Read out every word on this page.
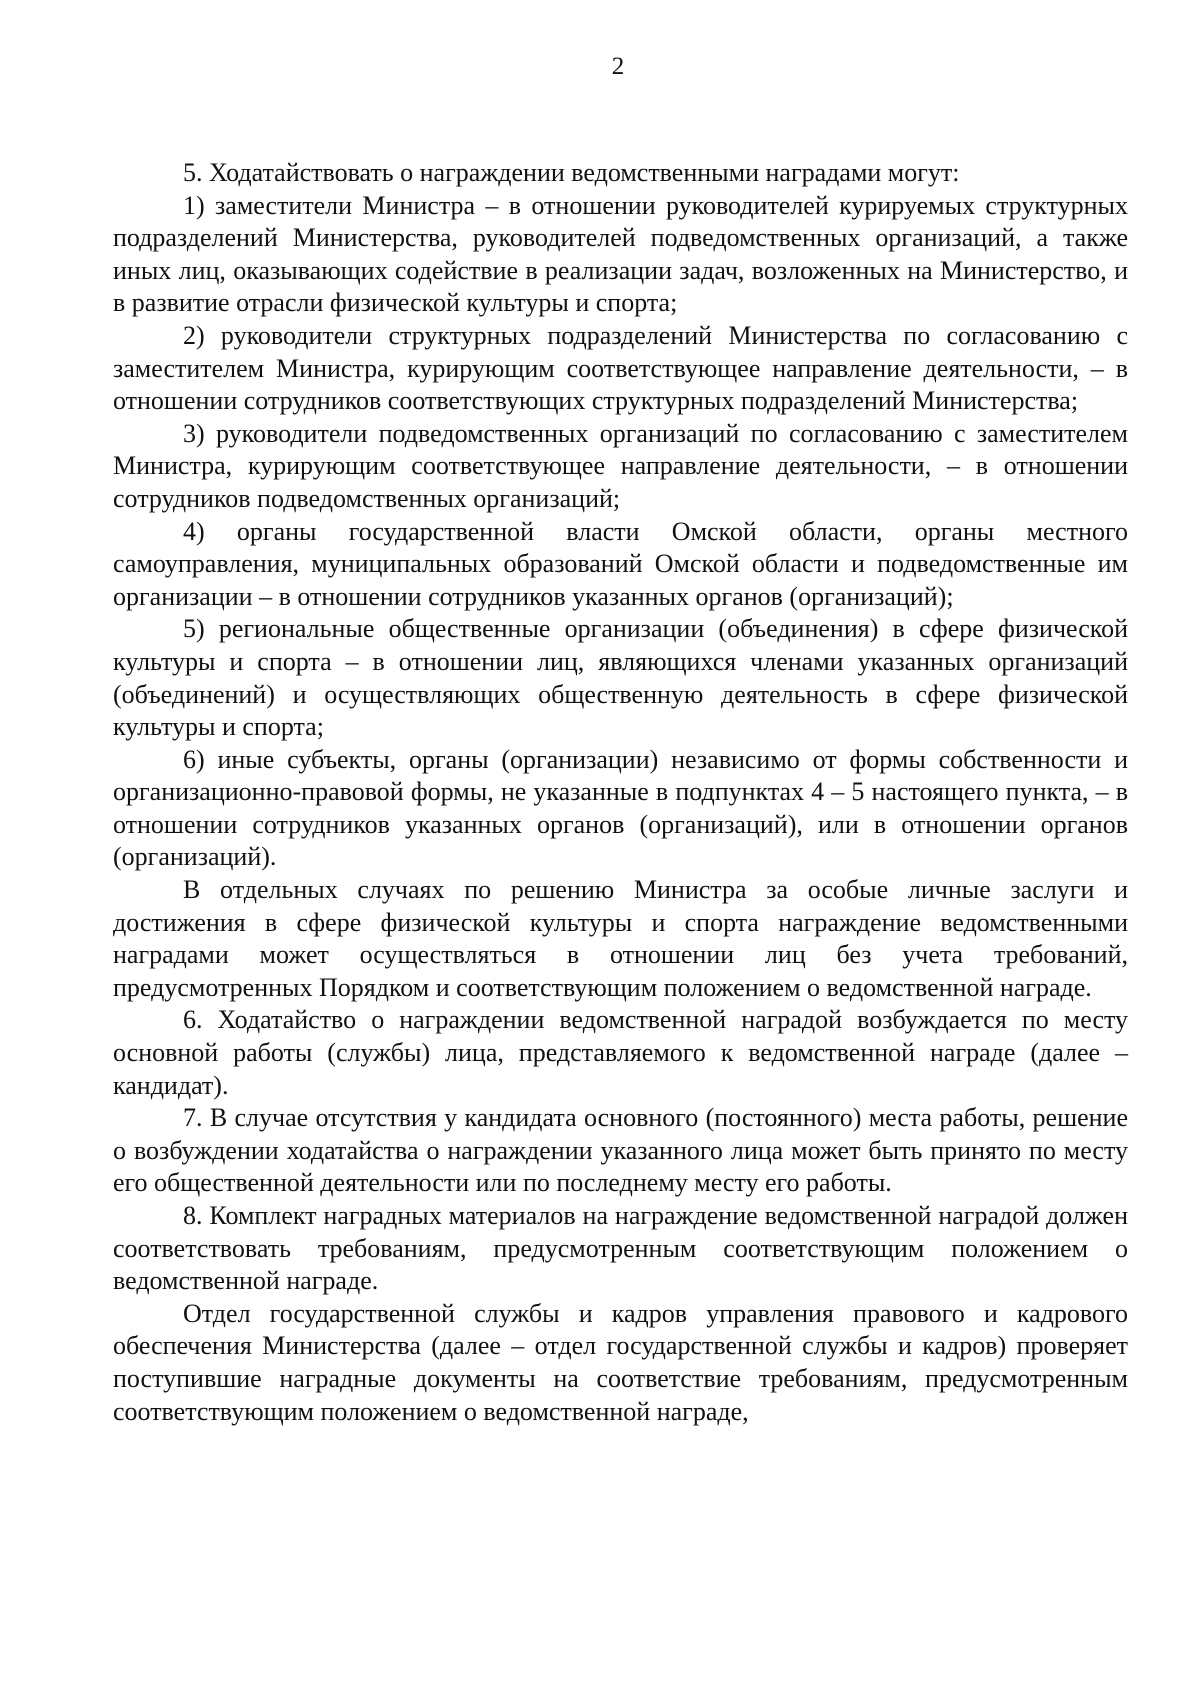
2

5. Ходатайствовать о награждении ведомственными наградами могут:

1) заместители Министра – в отношении руководителей курируемых структурных подразделений Министерства, руководителей подведомственных организаций, а также иных лиц, оказывающих содействие в реализации задач, возложенных на Министерство, и в развитие отрасли физической культуры и спорта;

2) руководители структурных подразделений Министерства по согласованию с заместителем Министра, курирующим соответствующее направление деятельности, – в отношении сотрудников соответствующих структурных подразделений Министерства;

3) руководители подведомственных организаций по согласованию с заместителем Министра, курирующим соответствующее направление деятельности, – в отношении сотрудников подведомственных организаций;

4) органы государственной власти Омской области, органы местного самоуправления, муниципальных образований Омской области и подведомственные им организации – в отношении сотрудников указанных органов (организаций);

5) региональные общественные организации (объединения) в сфере физической культуры и спорта – в отношении лиц, являющихся членами указанных организаций (объединений) и осуществляющих общественную деятельность в сфере физической культуры и спорта;

6) иные субъекты, органы (организации) независимо от формы собственности и организационно-правовой формы, не указанные в подпунктах 4 – 5 настоящего пункта, – в отношении сотрудников указанных органов (организаций), или в отношении органов (организаций).

В отдельных случаях по решению Министра за особые личные заслуги и достижения в сфере физической культуры и спорта награждение ведомственными наградами может осуществляться в отношении лиц без учета требований, предусмотренных Порядком и соответствующим положением о ведомственной награде.

6. Ходатайство о награждении ведомственной наградой возбуждается по месту основной работы (службы) лица, представляемого к ведомственной награде (далее – кандидат).

7. В случае отсутствия у кандидата основного (постоянного) места работы, решение о возбуждении ходатайства о награждении указанного лица может быть принято по месту его общественной деятельности или по последнему месту его работы.

8. Комплект наградных материалов на награждение ведомственной наградой должен соответствовать требованиям, предусмотренным соответствующим положением о ведомственной награде.

Отдел государственной службы и кадров управления правового и кадрового обеспечения Министерства (далее – отдел государственной службы и кадров) проверяет поступившие наградные документы на соответствие требованиям, предусмотренным соответствующим положением о ведомственной награде,
